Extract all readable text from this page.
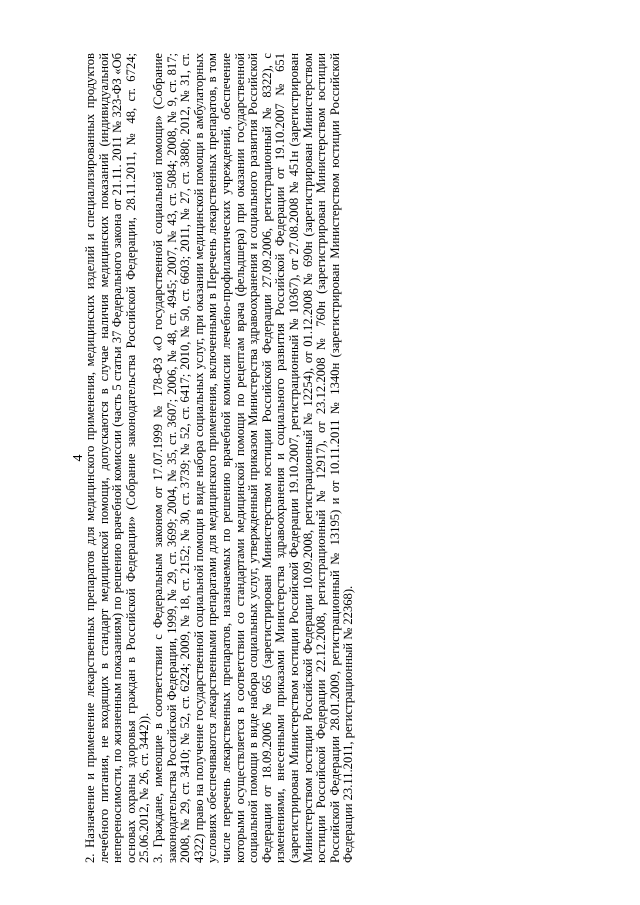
4

2. Назначение и применение лекарственных препаратов для медицинского применения, медицинских изделий и специализированных продуктов лечебного питания, не входящих в стандарт медицинской помощи, допускаются в случае наличия медицинских показаний (индивидуальной непереносимости, по жизненным показаниям) по решению врачебной комиссии (часть 5 статьи 37 Федерального закона от 21.11. 2011 № 323-ФЗ «Об основах охраны здоровья граждан в Российской Федерации» (Собрание законодательства Российской Федерации, 28.11.2011, № 48, ст. 6724; 25.06.2012, № 26, ст. 3442)). 3. Граждане, имеющие в соответствии с Федеральным законом от 17.07.1999 № 178-ФЗ «О государственной социальной помощи» (Собрание законодательства Российской Федерации, 1999, № 29, ст. 3699; 2004, № 35, ст. 3607; 2006, № 48, ст. 4945; 2007, № 43, ст. 5084; 2008, № 9, ст. 817; 2008, № 29, ст. 3410; № 52, ст. 6224; 2009, № 18, ст. 2152; № 30, ст. 3739; № 52, ст. 6417; 2010, № 50, ст. 6603; 2011, № 27, ст. 3880; 2012, № 31, ст. 4322) право на получение государственной социальной помощи в виде набора социальных услуг, при оказании медицинской помощи в амбулаторных условиях обеспечиваются лекарственными препаратами для медицинского применения, включенными в Перечень лекарственных препаратов, в том числе перечень лекарственных препаратов, назначаемых по решению врачебной комиссии лечебно-профилактических учреждений, обеспечение которыми осуществляется в соответствии со стандартами медицинской помощи по рецептам врача (фельдшера) при оказании государственной социальной помощи в виде набора социальных услуг, утвержденный приказом Министерства здравоохранения и социального развития Российской Федерации от 18.09.2006 № 665 (зарегистрирован Министерством юстиции Российской Федерации 27.09.2006, регистрационный № 8322), с изменениями, внесенными приказами Министерства здравоохранения и социального развития Российской Федерации от 19.10.2007 № 651 (зарегистрирован Министерством юстиции Российской Федерации 19.10.2007, регистрационный № 10367), от 27.08.2008 № 451н (зарегистрирован Министерством юстиции Российской Федерации 10.09.2008, регистрационный № 12254), от 01.12.2008 № 690н (зарегистрирован Министерством юстиции Российской Федерации 22.12.2008, регистрационный № 12917), от 23.12.2008 № 760н (зарегистрирован Министерством юстиции Российской Федерации 28.01.2009, регистрационный № 13195) и от 10.11.2011 № 1340н (зарегистрирован Министерством юстиции Российской Федерации 23.11.2011, регистрационный № 22368).
